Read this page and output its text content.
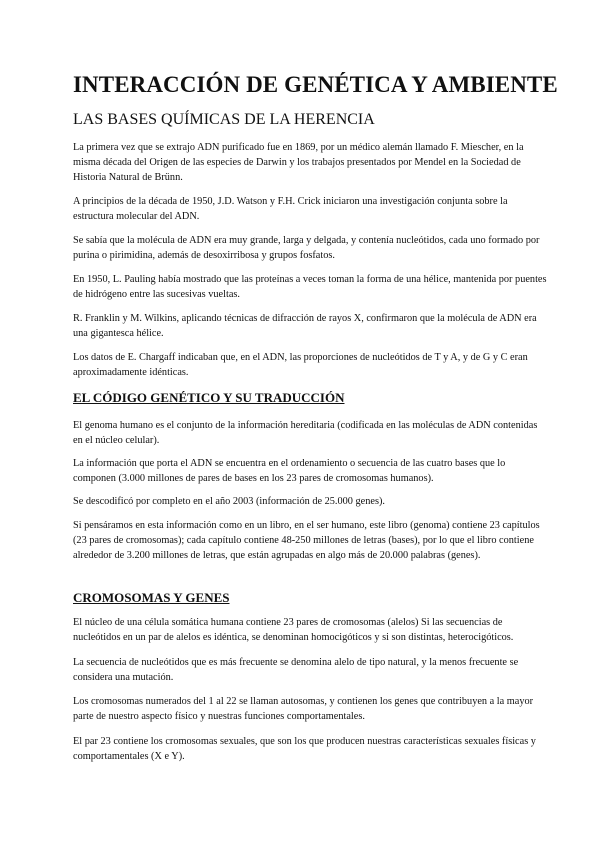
INTERACCIÓN DE GENÉTICA Y AMBIENTE
LAS BASES QUÍMICAS DE LA HERENCIA

La primera vez que se extrajo ADN purificado fue en 1869, por un médico alemán llamado F. Miescher, en la misma década del Origen de las especies de Darwin y los trabajos presentados por Mendel en la Sociedad de Historia Natural de Brünn.

A principios de la década de 1950, J.D. Watson y F.H. Crick iniciaron una investigación conjunta sobre la estructura molecular del ADN.

Se sabía que la molécula de ADN era muy grande, larga y delgada, y contenía nucleótidos, cada uno formado por purina o pirimidina, además de desoxirribosa y grupos fosfatos.

En 1950, L. Pauling había mostrado que las proteínas a veces toman la forma de una hélice, mantenida por puentes de hidrógeno entre las sucesivas vueltas.

R. Franklin y M. Wilkins, aplicando técnicas de difracción de rayos X, confirmaron que la molécula de ADN era una gigantesca hélice.

Los datos de E. Chargaff indicaban que, en el ADN, las proporciones de nucleótidos de T y A, y de G y C eran aproximadamente idénticas.

EL CÓDIGO GENÉTICO Y SU TRADUCCIÓN

El genoma humano es el conjunto de la información hereditaria (codificada en las moléculas de ADN contenidas en el núcleo celular).

La información que porta el ADN se encuentra en el ordenamiento o secuencia de las cuatro bases que lo componen (3.000 millones de pares de bases en los 23 pares de cromosomas humanos).

Se descodificó por completo en el año 2003 (información de 25.000 genes).

Si pensáramos en esta información como en un libro, en el ser humano, este libro (genoma) contiene 23 capítulos (23 pares de cromosomas); cada capítulo contiene 48-250 millones de letras (bases), por lo que el libro contiene alrededor de 3.200 millones de letras, que están agrupadas en algo más de 20.000 palabras (genes).

CROMOSOMAS Y GENES

El núcleo de una célula somática humana contiene 23 pares de cromosomas (alelos) Si las secuencias de nucleótidos en un par de alelos es idéntica, se denominan homocigóticos y si son distintas, heterocigóticos.

La secuencia de nucleótidos que es más frecuente se denomina alelo de tipo natural, y la menos frecuente se considera una mutación.

Los cromosomas numerados del 1 al 22 se llaman autosomas, y contienen los genes que contribuyen a la mayor parte de nuestro aspecto físico y nuestras funciones comportamentales.

El par 23 contiene los cromosomas sexuales, que son los que producen nuestras características sexuales físicas y comportamentales (X e Y).
